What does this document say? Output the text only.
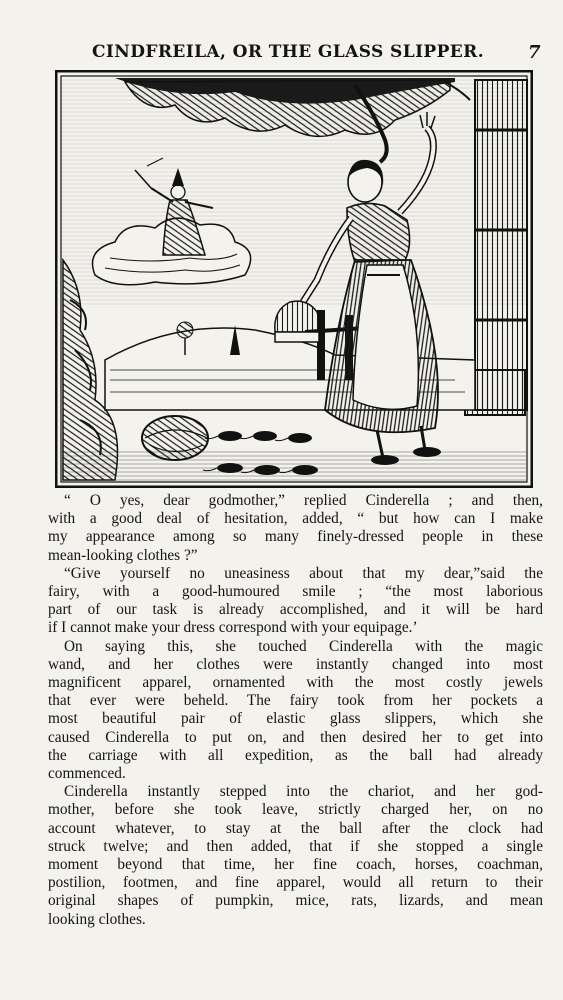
CINDFREILA, OR THE GLASS SLIPPER. 7
“ O yes, dear godmother,” replied Cinderella ; and then,
with a good deal of hesitation, added, “ but how can I make
my appearance among so many finely-dressed people in these
mean-looking clothes ?”
“Give yourself no uneasiness about that my dear,”said the
fairy, with a good-humoured smile ; “the most laborious
part of our task is already accomplished, and it will be hard
if I cannot make your dress correspond with your equipage.’
On saying this, she touched Cinderella with the magic
wand, and her clothes were instantly changed into most
magnificent apparel, ornamented with the most costly jewels
that ever were beheld. The fairy took from her pockets a
most beautiful pair of elastic glass slippers, which she
caused Cinderella to put on, and then desired her to get into
the carriage with all expedition, as the ball had already
commenced.
Cinderella instantly stepped into the chariot, and her god-
mother, before she took leave, strictly charged her, on no
account whatever, to stay at the ball after the clock had
struck twelve; and then added, that if she stopped a single
moment beyond that time, her fine coach, horses, coachman,
postilion, footmen, and fine apparel, would all return to their
original shapes of pumpkin, mice, rats, lizards, and mean
looking clothes.
